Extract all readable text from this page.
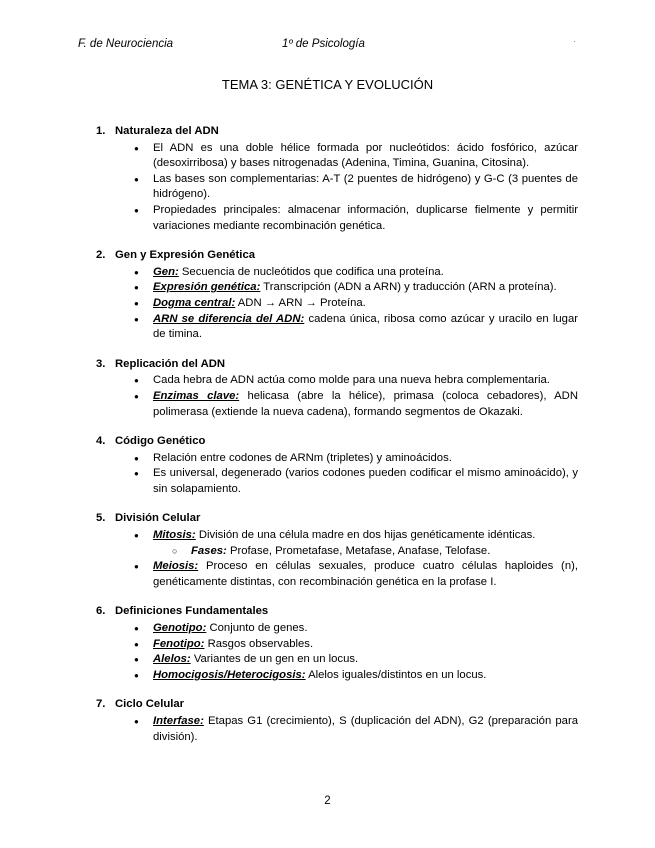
F. de Neurociencia	1º de Psicología	·
TEMA 3: GENÉTICA Y EVOLUCIÓN
1. Naturaleza del ADN
● El ADN es una doble hélice formada por nucleótidos: ácido fosfórico, azúcar (desoxirribosa) y bases nitrogenadas (Adenina, Timina, Guanina, Citosina).
● Las bases son complementarias: A-T (2 puentes de hidrógeno) y G-C (3 puentes de hidrógeno).
● Propiedades principales: almacenar información, duplicarse fielmente y permitir variaciones mediante recombinación genética.
2. Gen y Expresión Genética
● Gen: Secuencia de nucleótidos que codifica una proteína.
● Expresión genética: Transcripción (ADN a ARN) y traducción (ARN a proteína).
● Dogma central: ADN → ARN → Proteína.
● ARN se diferencia del ADN: cadena única, ribosa como azúcar y uracilo en lugar de timina.
3. Replicación del ADN
● Cada hebra de ADN actúa como molde para una nueva hebra complementaria.
● Enzimas clave: helicasa (abre la hélice), primasa (coloca cebadores), ADN polimerasa (extiende la nueva cadena), formando segmentos de Okazaki.
4. Código Genético
● Relación entre codones de ARNm (tripletes) y aminoácidos.
● Es universal, degenerado (varios codones pueden codificar el mismo aminoácido), y sin solapamiento.
5. División Celular
● Mitosis: División de una célula madre en dos hijas genéticamente idénticas.
○ Fases: Profase, Prometafase, Metafase, Anafase, Telofase.
● Meiosis: Proceso en células sexuales, produce cuatro células haploides (n), genéticamente distintas, con recombinación genética en la profase I.
6. Definiciones Fundamentales
● Genotipo: Conjunto de genes.
● Fenotipo: Rasgos observables.
● Alelos: Variantes de un gen en un locus.
● Homocigosis/Heterocigosis: Alelos iguales/distintos en un locus.
7. Ciclo Celular
● Interfase: Etapas G1 (crecimiento), S (duplicación del ADN), G2 (preparación para división).
2
